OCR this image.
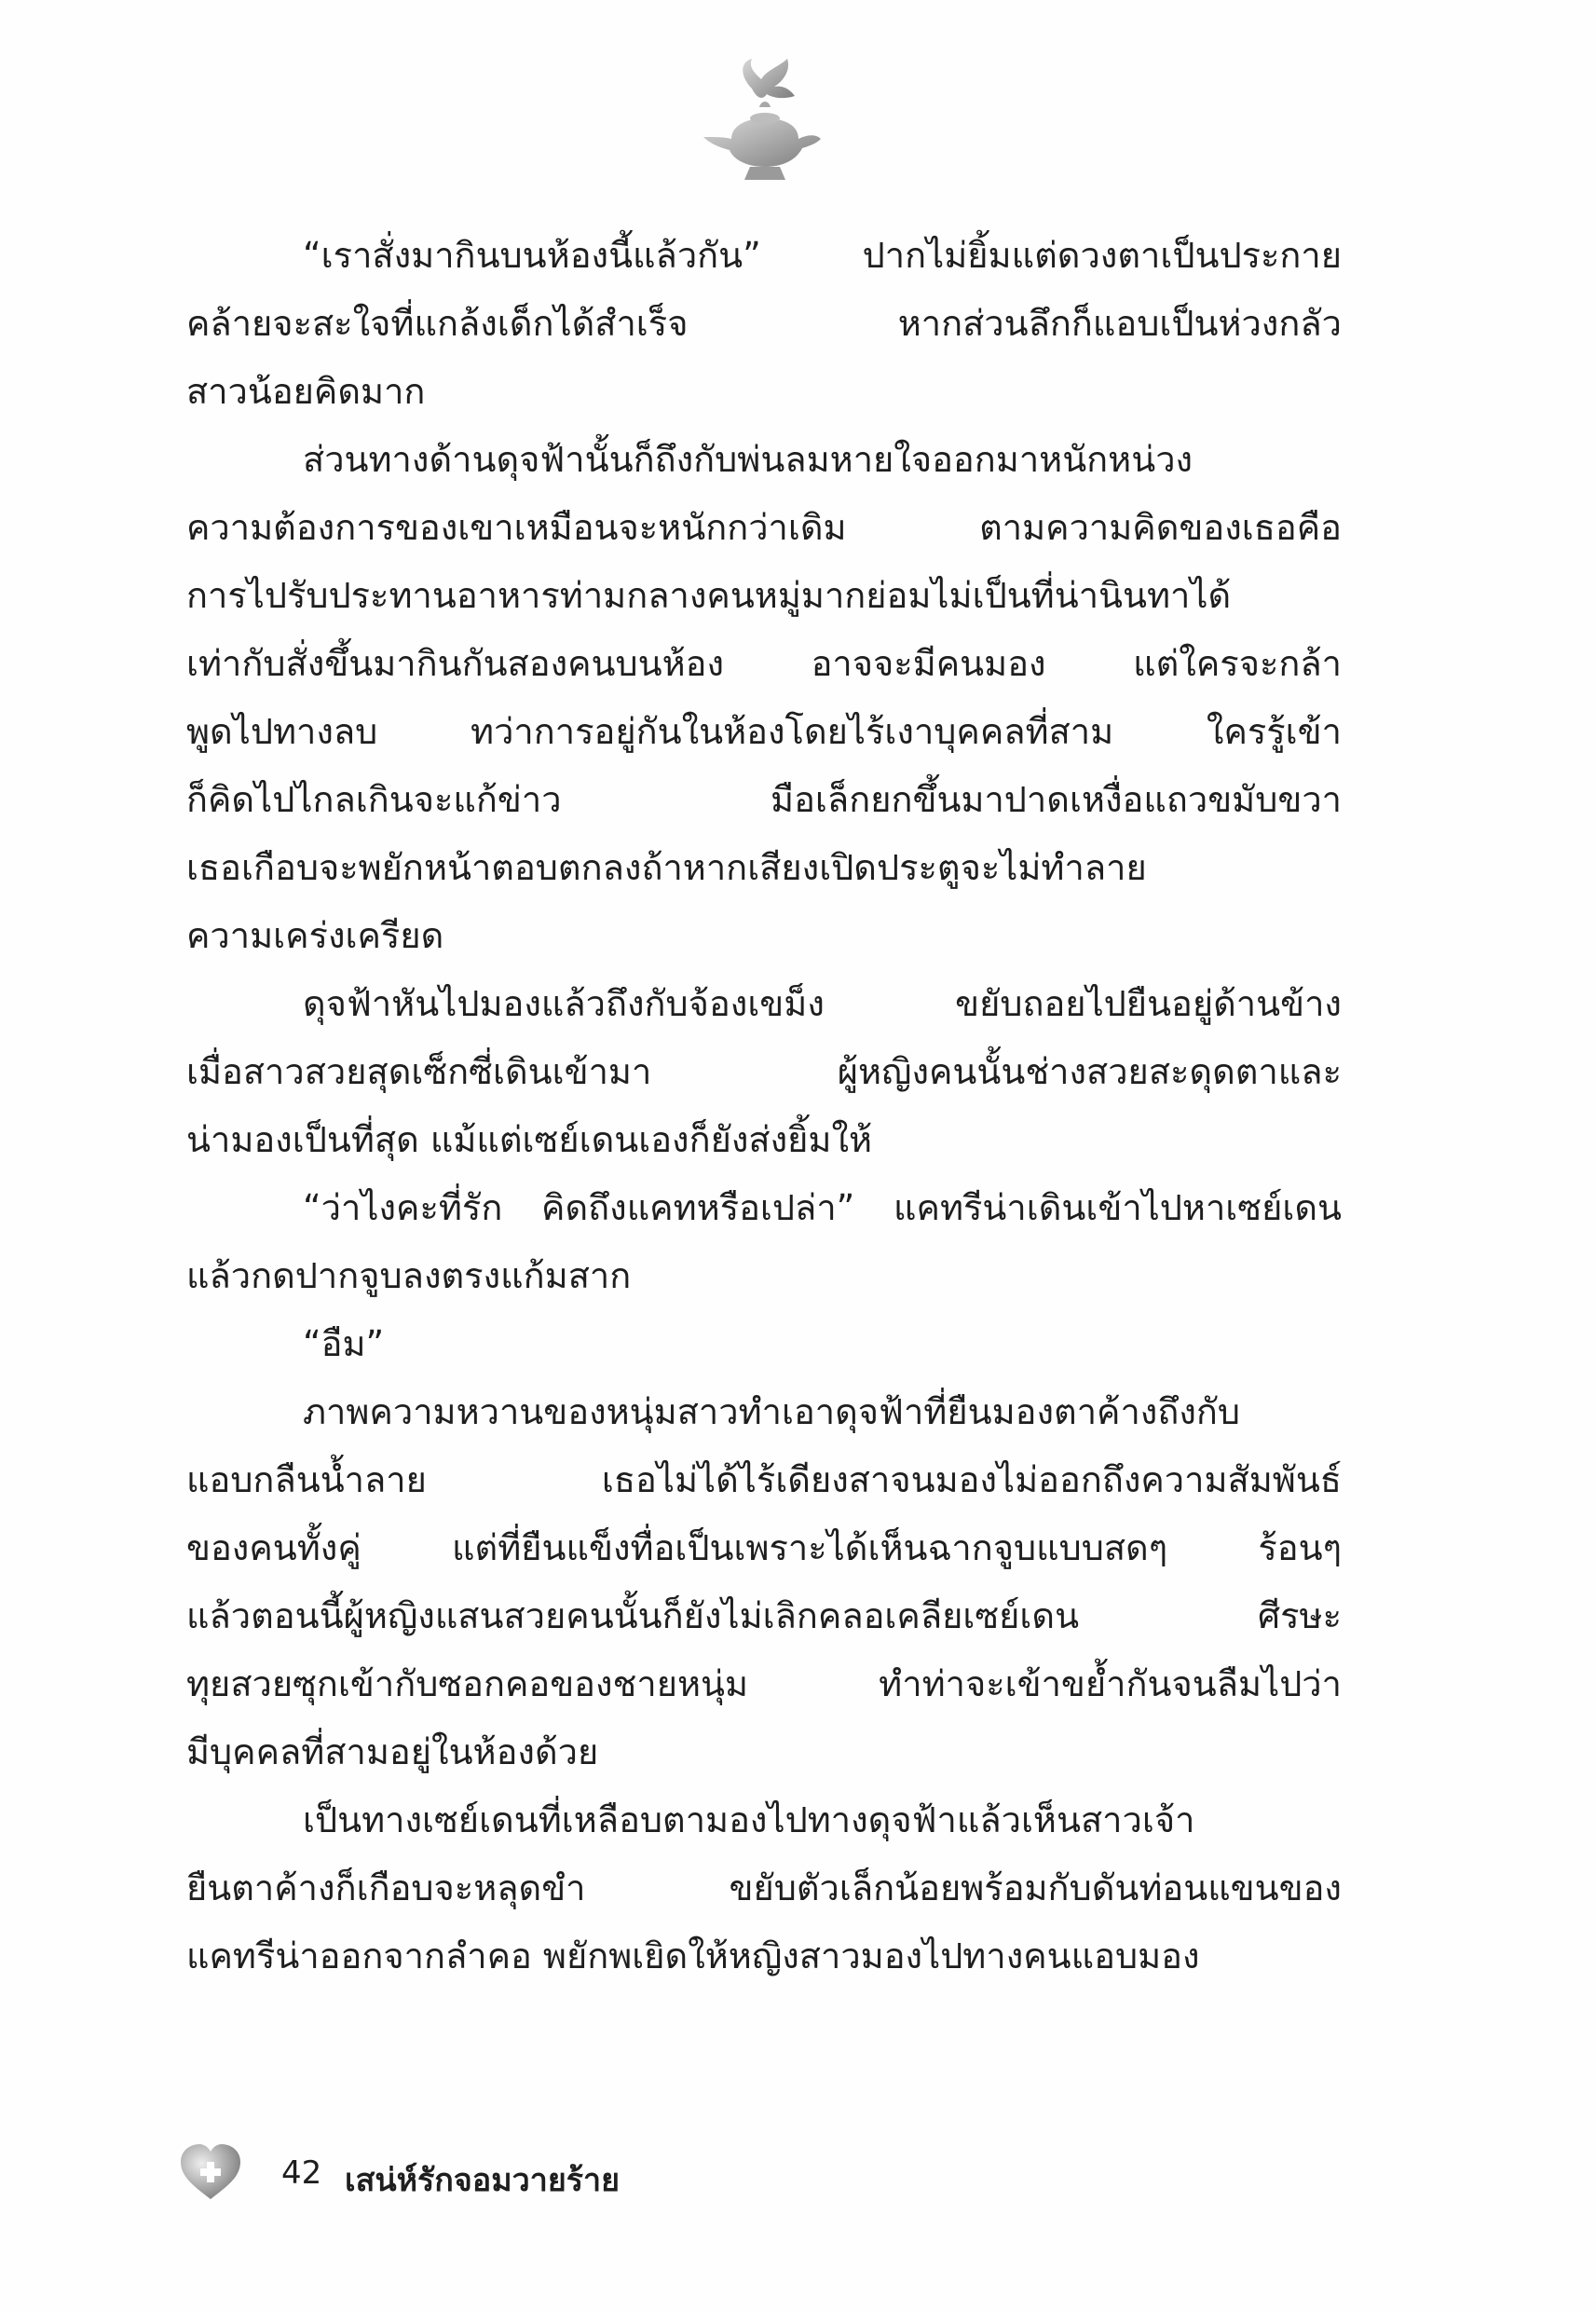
“เราสั่งมากินบนห้องนี้แล้วกัน” ปากไม่ยิ้มแต่ดวงตาเป็นประกาย
คล้ายจะสะใจที่แกล้งเด็กได้สำเร็จ หากส่วนลึกก็แอบเป็นห่วงกลัว
สาวน้อยคิดมาก
ส่วนทางด้านดุจฟ้านั้นก็ถึงกับพ่นลมหายใจออกมาหนักหน่วง
ความต้องการของเขาเหมือนจะหนักกว่าเดิม ตามความคิดของเธอคือ
การไปรับประทานอาหารท่ามกลางคนหมู่มากย่อมไม่เป็นที่น่านินทาได้
เท่ากับสั่งขึ้นมากินกันสองคนบนห้อง อาจจะมีคนมอง แต่ใครจะกล้า
พูดไปทางลบ ทว่าการอยู่กันในห้องโดยไร้เงาบุคคลที่สาม ใครรู้เข้า
ก็คิดไปไกลเกินจะแก้ข่าว มือเล็กยกขึ้นมาปาดเหงื่อแถวขมับขวา
เธอเกือบจะพยักหน้าตอบตกลงถ้าหากเสียงเปิดประตูจะไม่ทำลาย
ความเคร่งเครียด
ดุจฟ้าหันไปมองแล้วถึงกับจ้องเขม็ง ขยับถอยไปยืนอยู่ด้านข้าง
เมื่อสาวสวยสุดเซ็กซี่เดินเข้ามา ผู้หญิงคนนั้นช่างสวยสะดุดตาและ
น่ามองเป็นที่สุด แม้แต่เซย์เดนเองก็ยังส่งยิ้มให้
“ว่าไงคะที่รัก คิดถึงแคทหรือเปล่า” แคทรีน่าเดินเข้าไปหาเซย์เดน
แล้วกดปากจูบลงตรงแก้มสาก
“อืม”
ภาพความหวานของหนุ่มสาวทำเอาดุจฟ้าที่ยืนมองตาค้างถึงกับ
แอบกลืนน้ำลาย เธอไม่ได้ไร้เดียงสาจนมองไม่ออกถึงความสัมพันธ์
ของคนทั้งคู่ แต่ที่ยืนแข็งทื่อเป็นเพราะได้เห็นฉากจูบแบบสดๆ ร้อนๆ
แล้วตอนนี้ผู้หญิงแสนสวยคนนั้นก็ยังไม่เลิกคลอเคลียเซย์เดน ศีรษะ
ทุยสวยซุกเข้ากับซอกคอของชายหนุ่ม ทำท่าจะเข้าขย้ำกันจนลืมไปว่า
มีบุคคลที่สามอยู่ในห้องด้วย
เป็นทางเซย์เดนที่เหลือบตามองไปทางดุจฟ้าแล้วเห็นสาวเจ้า
ยืนตาค้างก็เกือบจะหลุดขำ ขยับตัวเล็กน้อยพร้อมกับดันท่อนแขนของ
แคทรีน่าออกจากลำคอ พยักพเยิดให้หญิงสาวมองไปทางคนแอบมอง
42 เสน่ห์รักจอมวายร้าย
